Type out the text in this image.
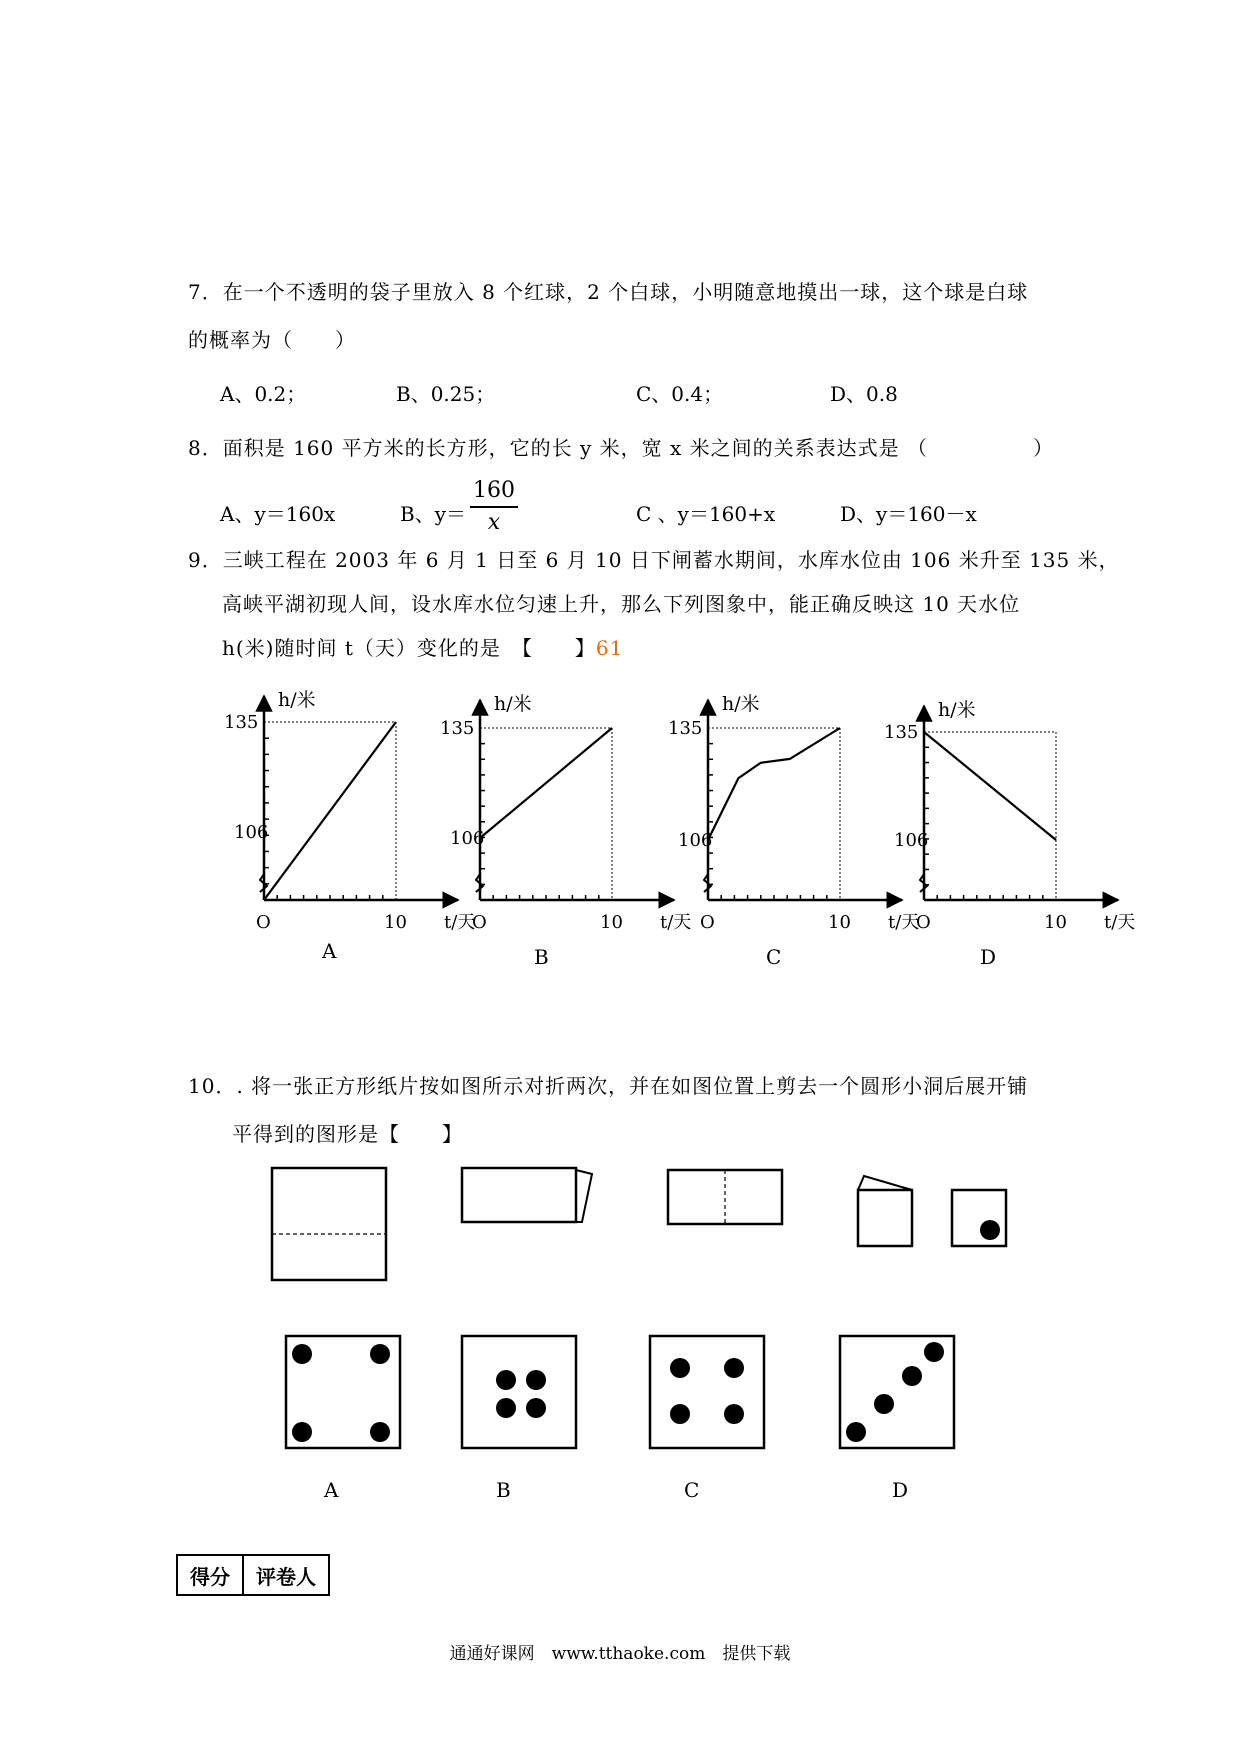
7．在一个不透明的袋子里放入 8 个红球，2 个白球，小明随意地摸出一球，这个球是白球
的概率为（　　）
A、0.2；	B、0.25；	C、0.4；	D、0.8
8．面积是 160 平方米的长方形，它的长 y 米，宽 x 米之间的关系表达式是 （　　　　　）
A、y＝160x	B、y＝
160
x	C 、y＝160+x	D、y＝160－x
9．三峡工程在 2003 年 6 月 1 日至 6 月 10 日下闸蓄水期间，水库水位由 106 米升至 135 米，
高峡平湖初现人间，设水库水位匀速上升，那么下列图象中，能正确反映这 10 天水位
h(米)随时间 t（天）变化的是　【　　】61
h/米
135
106
O	10 t/天
A
h/米
135
106
O	10 t/天
B
h/米
135
106
O	10 t/天
C
h/米
135
106
O	10 t/天
D
10．. 将一张正方形纸片按如图所示对折两次，并在如图位置上剪去一个圆形小洞后展开铺
平得到的图形是【　　】
A	B	C	D
得分	评卷人
通通好课网　www.tthaoke.com　提供下载
